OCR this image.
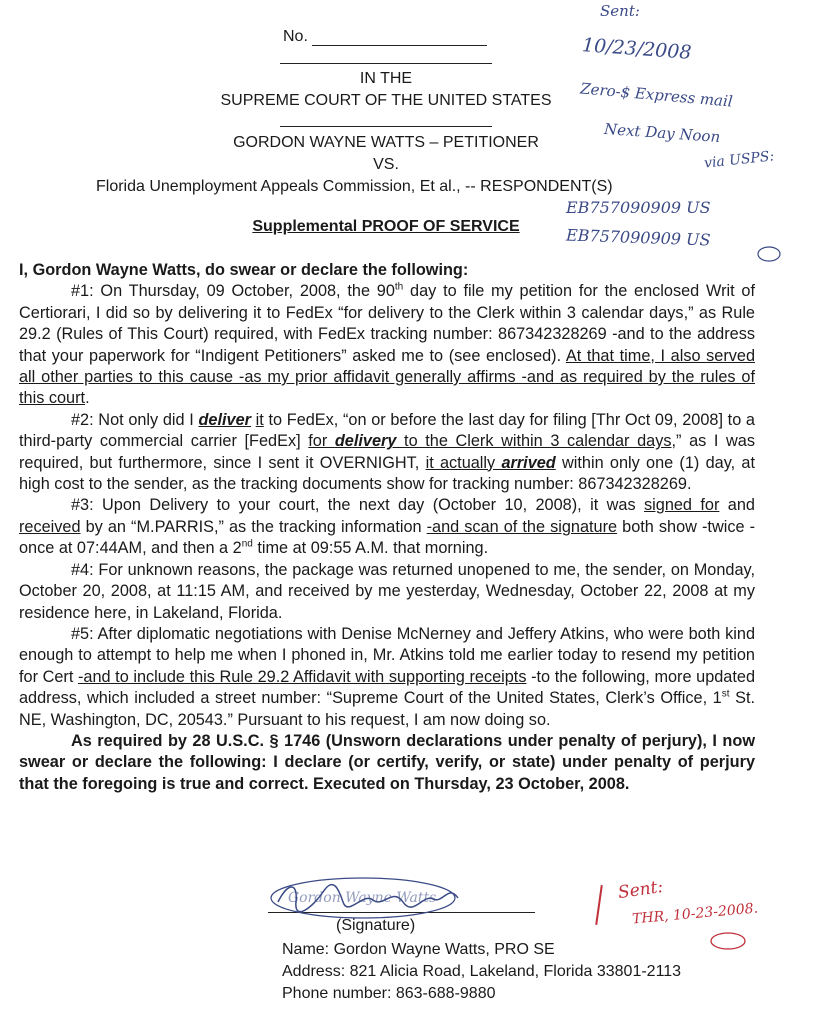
No.
IN THE
SUPREME COURT OF THE UNITED STATES
GORDON WAYNE WATTS – PETITIONER
VS.
Florida Unemployment Appeals Commission, Et al., -- RESPONDENT(S)
Supplemental PROOF OF SERVICE

I, Gordon Wayne Watts, do swear or declare the following:

#1: On Thursday, 09 October, 2008, the 90th day to file my petition for the enclosed Writ of Certiorari, I did so by delivering it to FedEx “for delivery to the Clerk within 3 calendar days,” as Rule 29.2 (Rules of This Court) required, with FedEx tracking number: 867342328269 -and to the address that your paperwork for “Indigent Petitioners” asked me to (see enclosed). At that time, I also served all other parties to this cause -as my prior affidavit generally affirms -and as required by the rules of this court.

#2: Not only did I deliver it to FedEx, “on or before the last day for filing [Thr Oct 09, 2008] to a third-party commercial carrier [FedEx] for delivery to the Clerk within 3 calendar days,” as I was required, but furthermore, since I sent it OVERNIGHT, it actually arrived within only one (1) day, at high cost to the sender, as the tracking documents show for tracking number: 867342328269.

#3: Upon Delivery to your court, the next day (October 10, 2008), it was signed for and received by an “M.PARRIS,” as the tracking information -and scan of the signature both show -twice -once at 07:44AM, and then a 2nd time at 09:55 A.M. that morning.

#4: For unknown reasons, the package was returned unopened to me, the sender, on Monday, October 20, 2008, at 11:15 AM, and received by me yesterday, Wednesday, October 22, 2008 at my residence here, in Lakeland, Florida.

#5: After diplomatic negotiations with Denise McNerney and Jeffery Atkins, who were both kind enough to attempt to help me when I phoned in, Mr. Atkins told me earlier today to resend my petition for Cert -and to include this Rule 29.2 Affidavit with supporting receipts -to the following, more updated address, which included a street number: “Supreme Court of the United States, Clerk’s Office, 1st St. NE, Washington, DC, 20543.” Pursuant to his request, I am now doing so.

As required by 28 U.S.C. § 1746 (Unsworn declarations under penalty of perjury), I now swear or declare the following: I declare (or certify, verify, or state) under penalty of perjury that the foregoing is true and correct. Executed on Thursday, 23 October, 2008.

Gordon Wayne Watts
(Signature)
Name: Gordon Wayne Watts, PRO SE
Address: 821 Alicia Road, Lakeland, Florida 33801-2113
Phone number: 863-688-9880
Sent:
10/23/2008
Zero-$ Express mail
Next Day Noon
via USPS:
EB757090909 US
EB757090909 US
Sent:
THR, 10-23-2008.
